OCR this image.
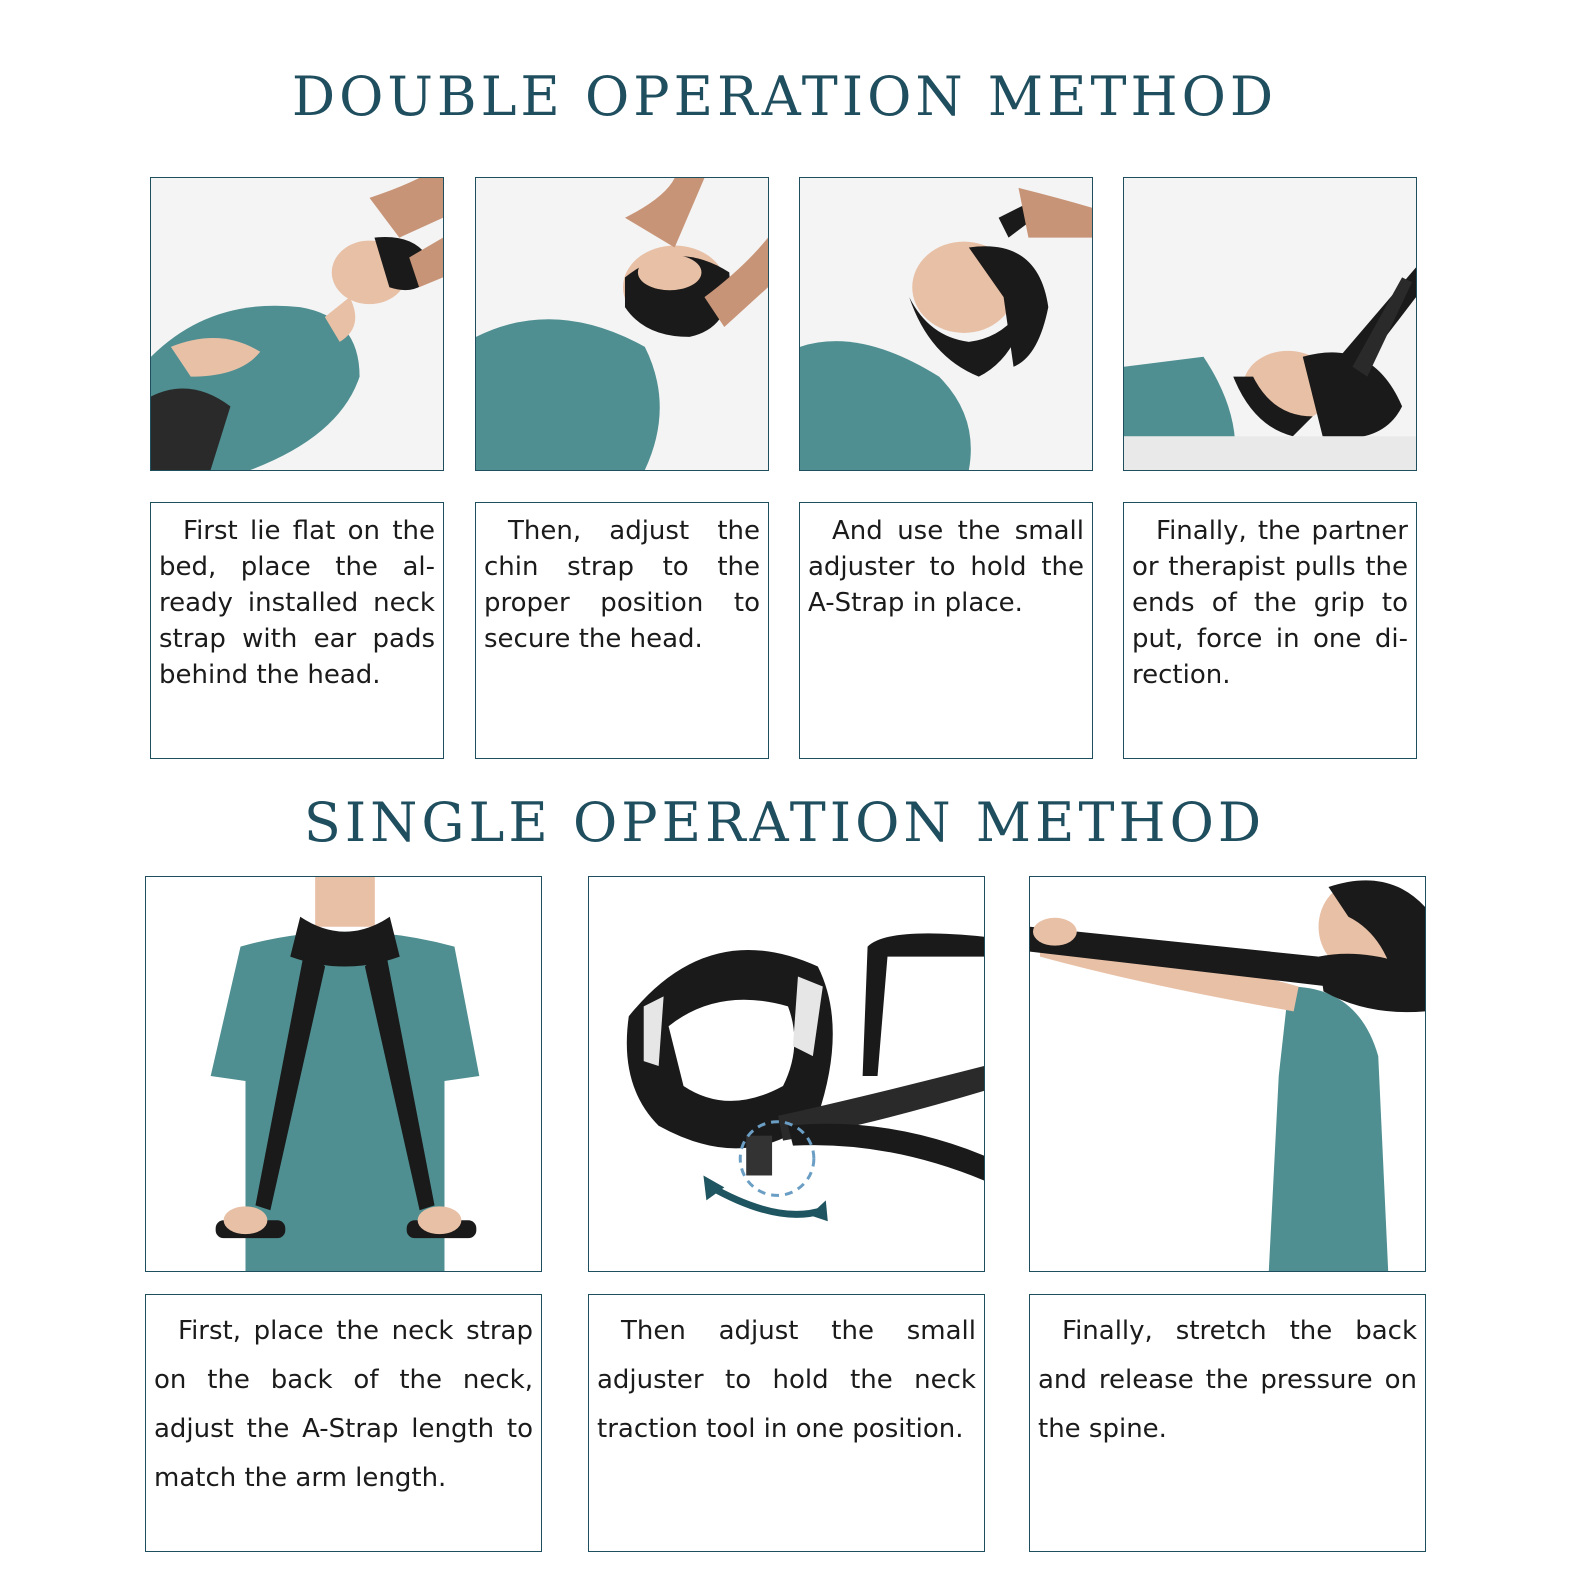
DOUBLE OPERATION METHOD
First lie flat on the bed, place the already installed neck strap with ear pads behind the head.
Then, adjust the chin strap to the proper position to secure the head.
And use the small adjuster to hold the A-Strap in place.
Finally, the partner or therapist pulls the ends of the grip to put, force in one direction.
SINGLE OPERATION METHOD
First, place the neck strap on the back of the neck, adjust the A-Strap length to match the arm length.
Then adjust the small adjuster to hold the neck traction tool in one position.
Finally, stretch the back and release the pressure on the spine.
